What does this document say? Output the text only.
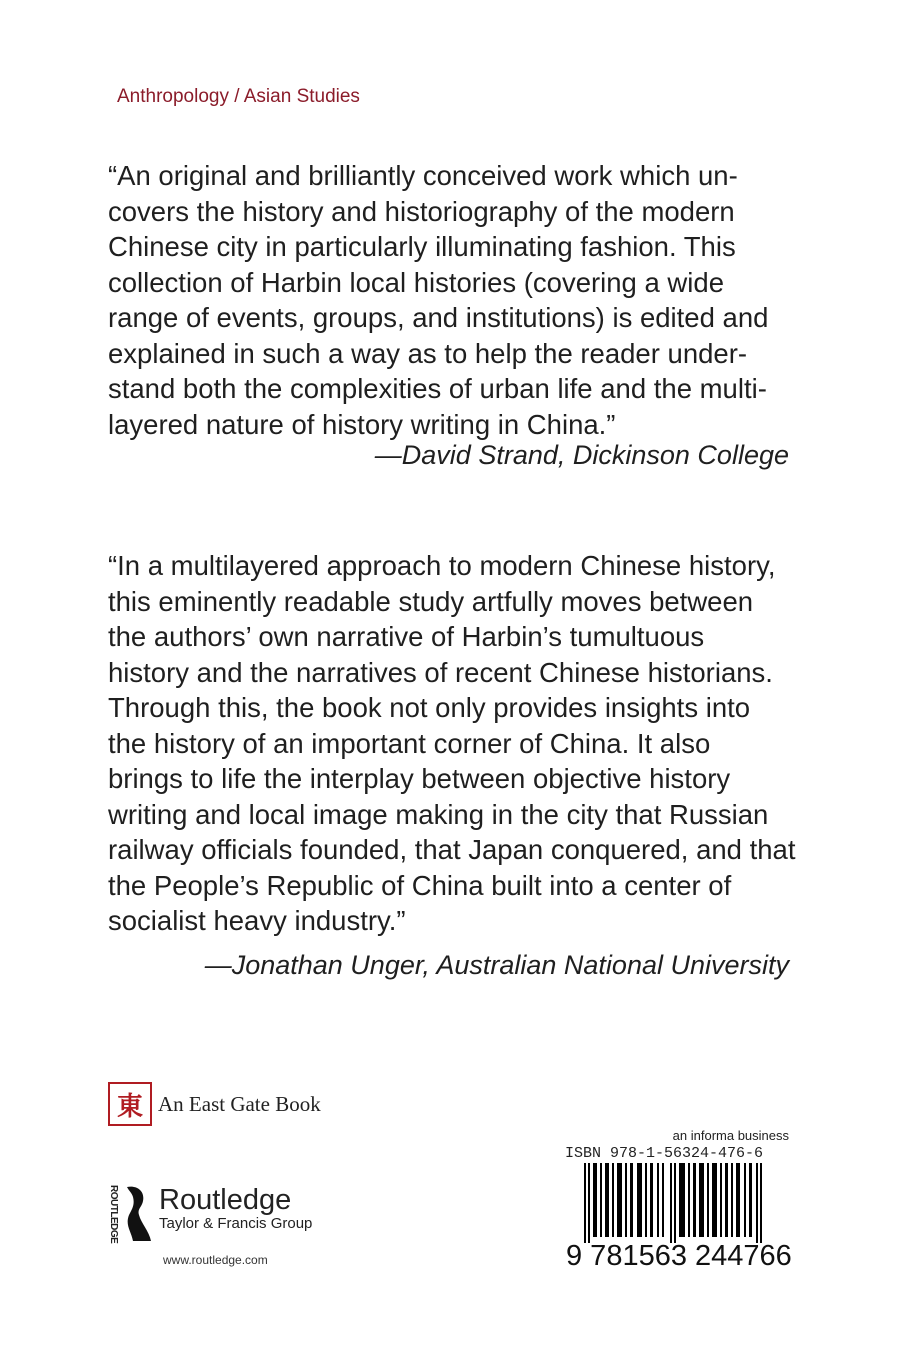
Anthropology / Asian Studies
“An original and brilliantly conceived work which un-
covers the history and historiography of the modern
Chinese city in particularly illuminating fashion. This
collection of Harbin local histories (covering a wide
range of events, groups, and institutions) is edited and
explained in such a way as to help the reader under-
stand both the complexities of urban life and the multi-
layered nature of history writing in China.”
—David Strand, Dickinson College
“In a multilayered approach to modern Chinese history,
this eminently readable study artfully moves between
the authors’ own narrative of Harbin’s tumultuous
history and the narratives of recent Chinese historians.
Through this, the book not only provides insights into
the history of an important corner of China. It also
brings to life the interplay between objective history
writing and local image making in the city that Russian
railway officials founded, that Japan conquered, and that
the People’s Republic of China built into a center of
socialist heavy industry.”
—Jonathan Unger, Australian National University
東 An East Gate Book
ROUTLEDGE Routledge
Taylor & Francis Group
www.routledge.com
an informa business
ISBN 978-1-56324-476-6
9 781563 244766
